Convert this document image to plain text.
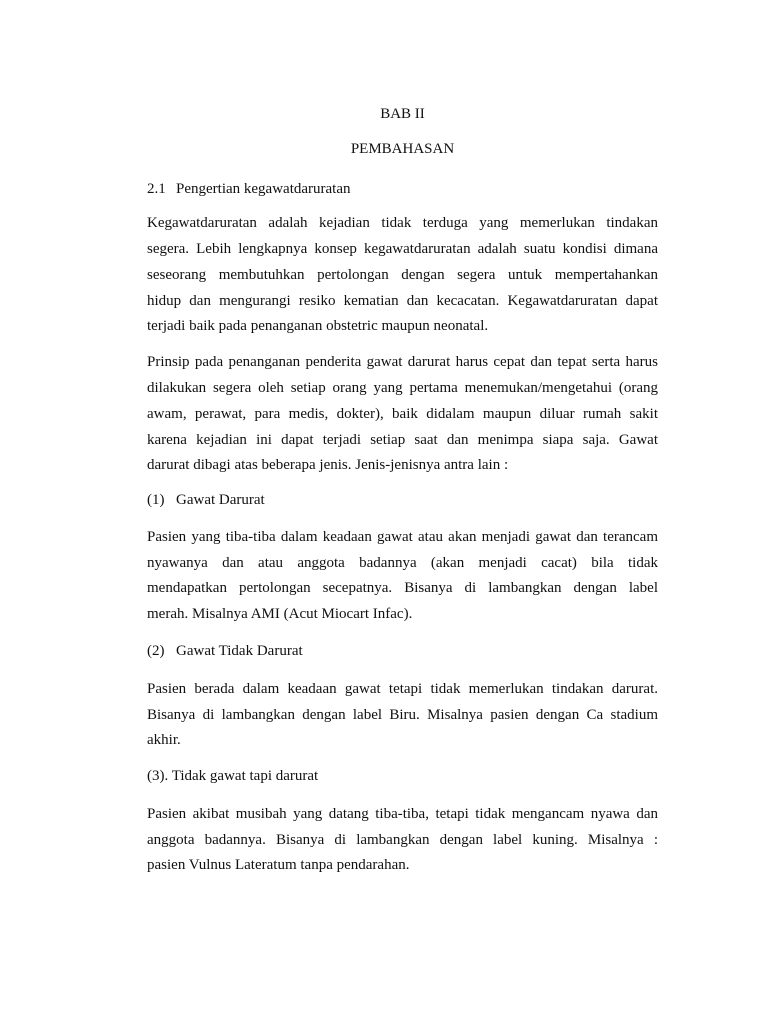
BAB II
PEMBAHASAN
2.1 Pengertian kegawatdaruratan
Kegawatdaruratan adalah kejadian tidak terduga yang memerlukan tindakan
segera. Lebih lengkapnya konsep kegawatdaruratan adalah suatu kondisi dimana
seseorang membutuhkan pertolongan dengan segera untuk mempertahankan
hidup dan mengurangi resiko kematian dan kecacatan. Kegawatdaruratan dapat
terjadi baik pada penanganan obstetric maupun neonatal.
Prinsip pada penanganan penderita gawat darurat harus cepat dan tepat serta harus
dilakukan segera oleh setiap orang yang pertama menemukan/mengetahui (orang
awam, perawat, para medis, dokter), baik didalam maupun diluar rumah sakit
karena kejadian ini dapat terjadi setiap saat dan menimpa siapa saja. Gawat
darurat dibagi atas beberapa jenis. Jenis-jenisnya antra lain :
(1) Gawat Darurat
Pasien yang tiba-tiba dalam keadaan gawat atau akan menjadi gawat dan terancam
nyawanya dan atau anggota badannya (akan menjadi cacat) bila tidak
mendapatkan pertolongan secepatnya. Bisanya di lambangkan dengan label
merah. Misalnya AMI (Acut Miocart Infac).
(2) Gawat Tidak Darurat
Pasien berada dalam keadaan gawat tetapi tidak memerlukan tindakan darurat.
Bisanya di lambangkan dengan label Biru. Misalnya pasien dengan Ca stadium
akhir.
(3). Tidak gawat tapi darurat
Pasien akibat musibah yang datang tiba-tiba, tetapi tidak mengancam nyawa dan
anggota badannya. Bisanya di lambangkan dengan label kuning. Misalnya :
pasien Vulnus Lateratum tanpa pendarahan.
